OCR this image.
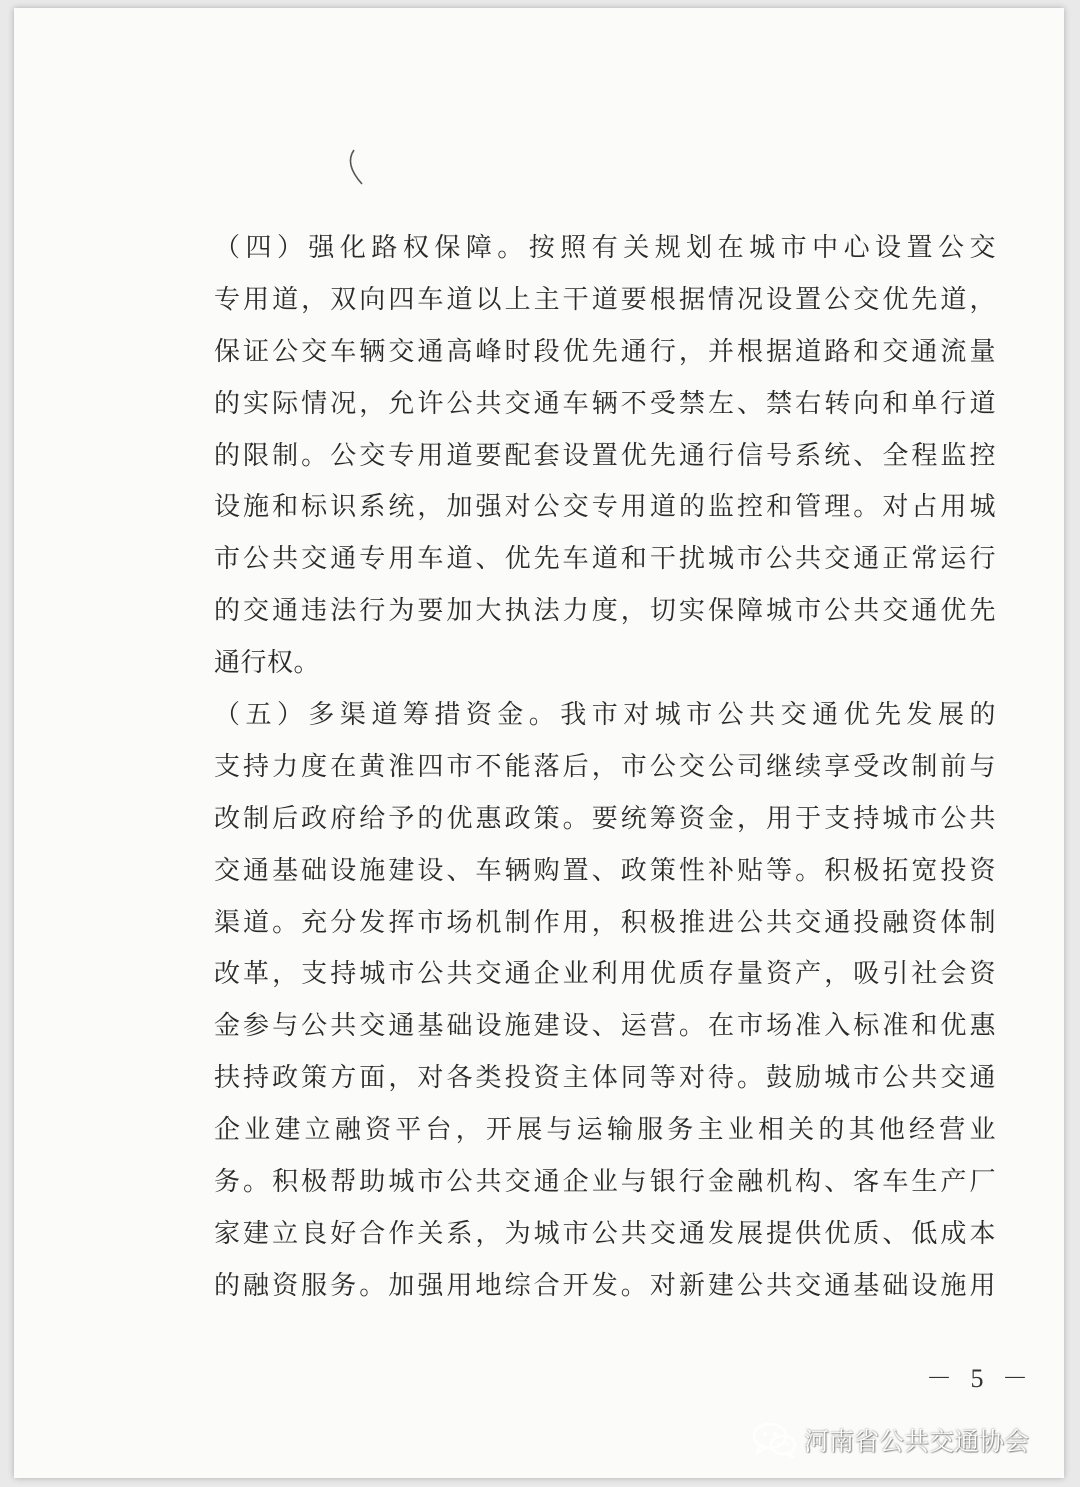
（四）强化路权保障。按照有关规划在城市中心设置公交
专用道，双向四车道以上主干道要根据情况设置公交优先道，
保证公交车辆交通高峰时段优先通行，并根据道路和交通流量
的实际情况，允许公共交通车辆不受禁左、禁右转向和单行道
的限制。公交专用道要配套设置优先通行信号系统、全程监控
设施和标识系统，加强对公交专用道的监控和管理。对占用城
市公共交通专用车道、优先车道和干扰城市公共交通正常运行
的交通违法行为要加大执法力度，切实保障城市公共交通优先
通行权。
（五）多渠道筹措资金。我市对城市公共交通优先发展的
支持力度在黄淮四市不能落后，市公交公司继续享受改制前与
改制后政府给予的优惠政策。要统筹资金，用于支持城市公共
交通基础设施建设、车辆购置、政策性补贴等。积极拓宽投资
渠道。充分发挥市场机制作用，积极推进公共交通投融资体制
改革，支持城市公共交通企业利用优质存量资产，吸引社会资
金参与公共交通基础设施建设、运营。在市场准入标准和优惠
扶持政策方面，对各类投资主体同等对待。鼓励城市公共交通
企业建立融资平台，开展与运输服务主业相关的其他经营业
务。积极帮助城市公共交通企业与银行金融机构、客车生产厂
家建立良好合作关系，为城市公共交通发展提供优质、低成本
的融资服务。加强用地综合开发。对新建公共交通基础设施用
－ 5 －
河南省公共交通协会
